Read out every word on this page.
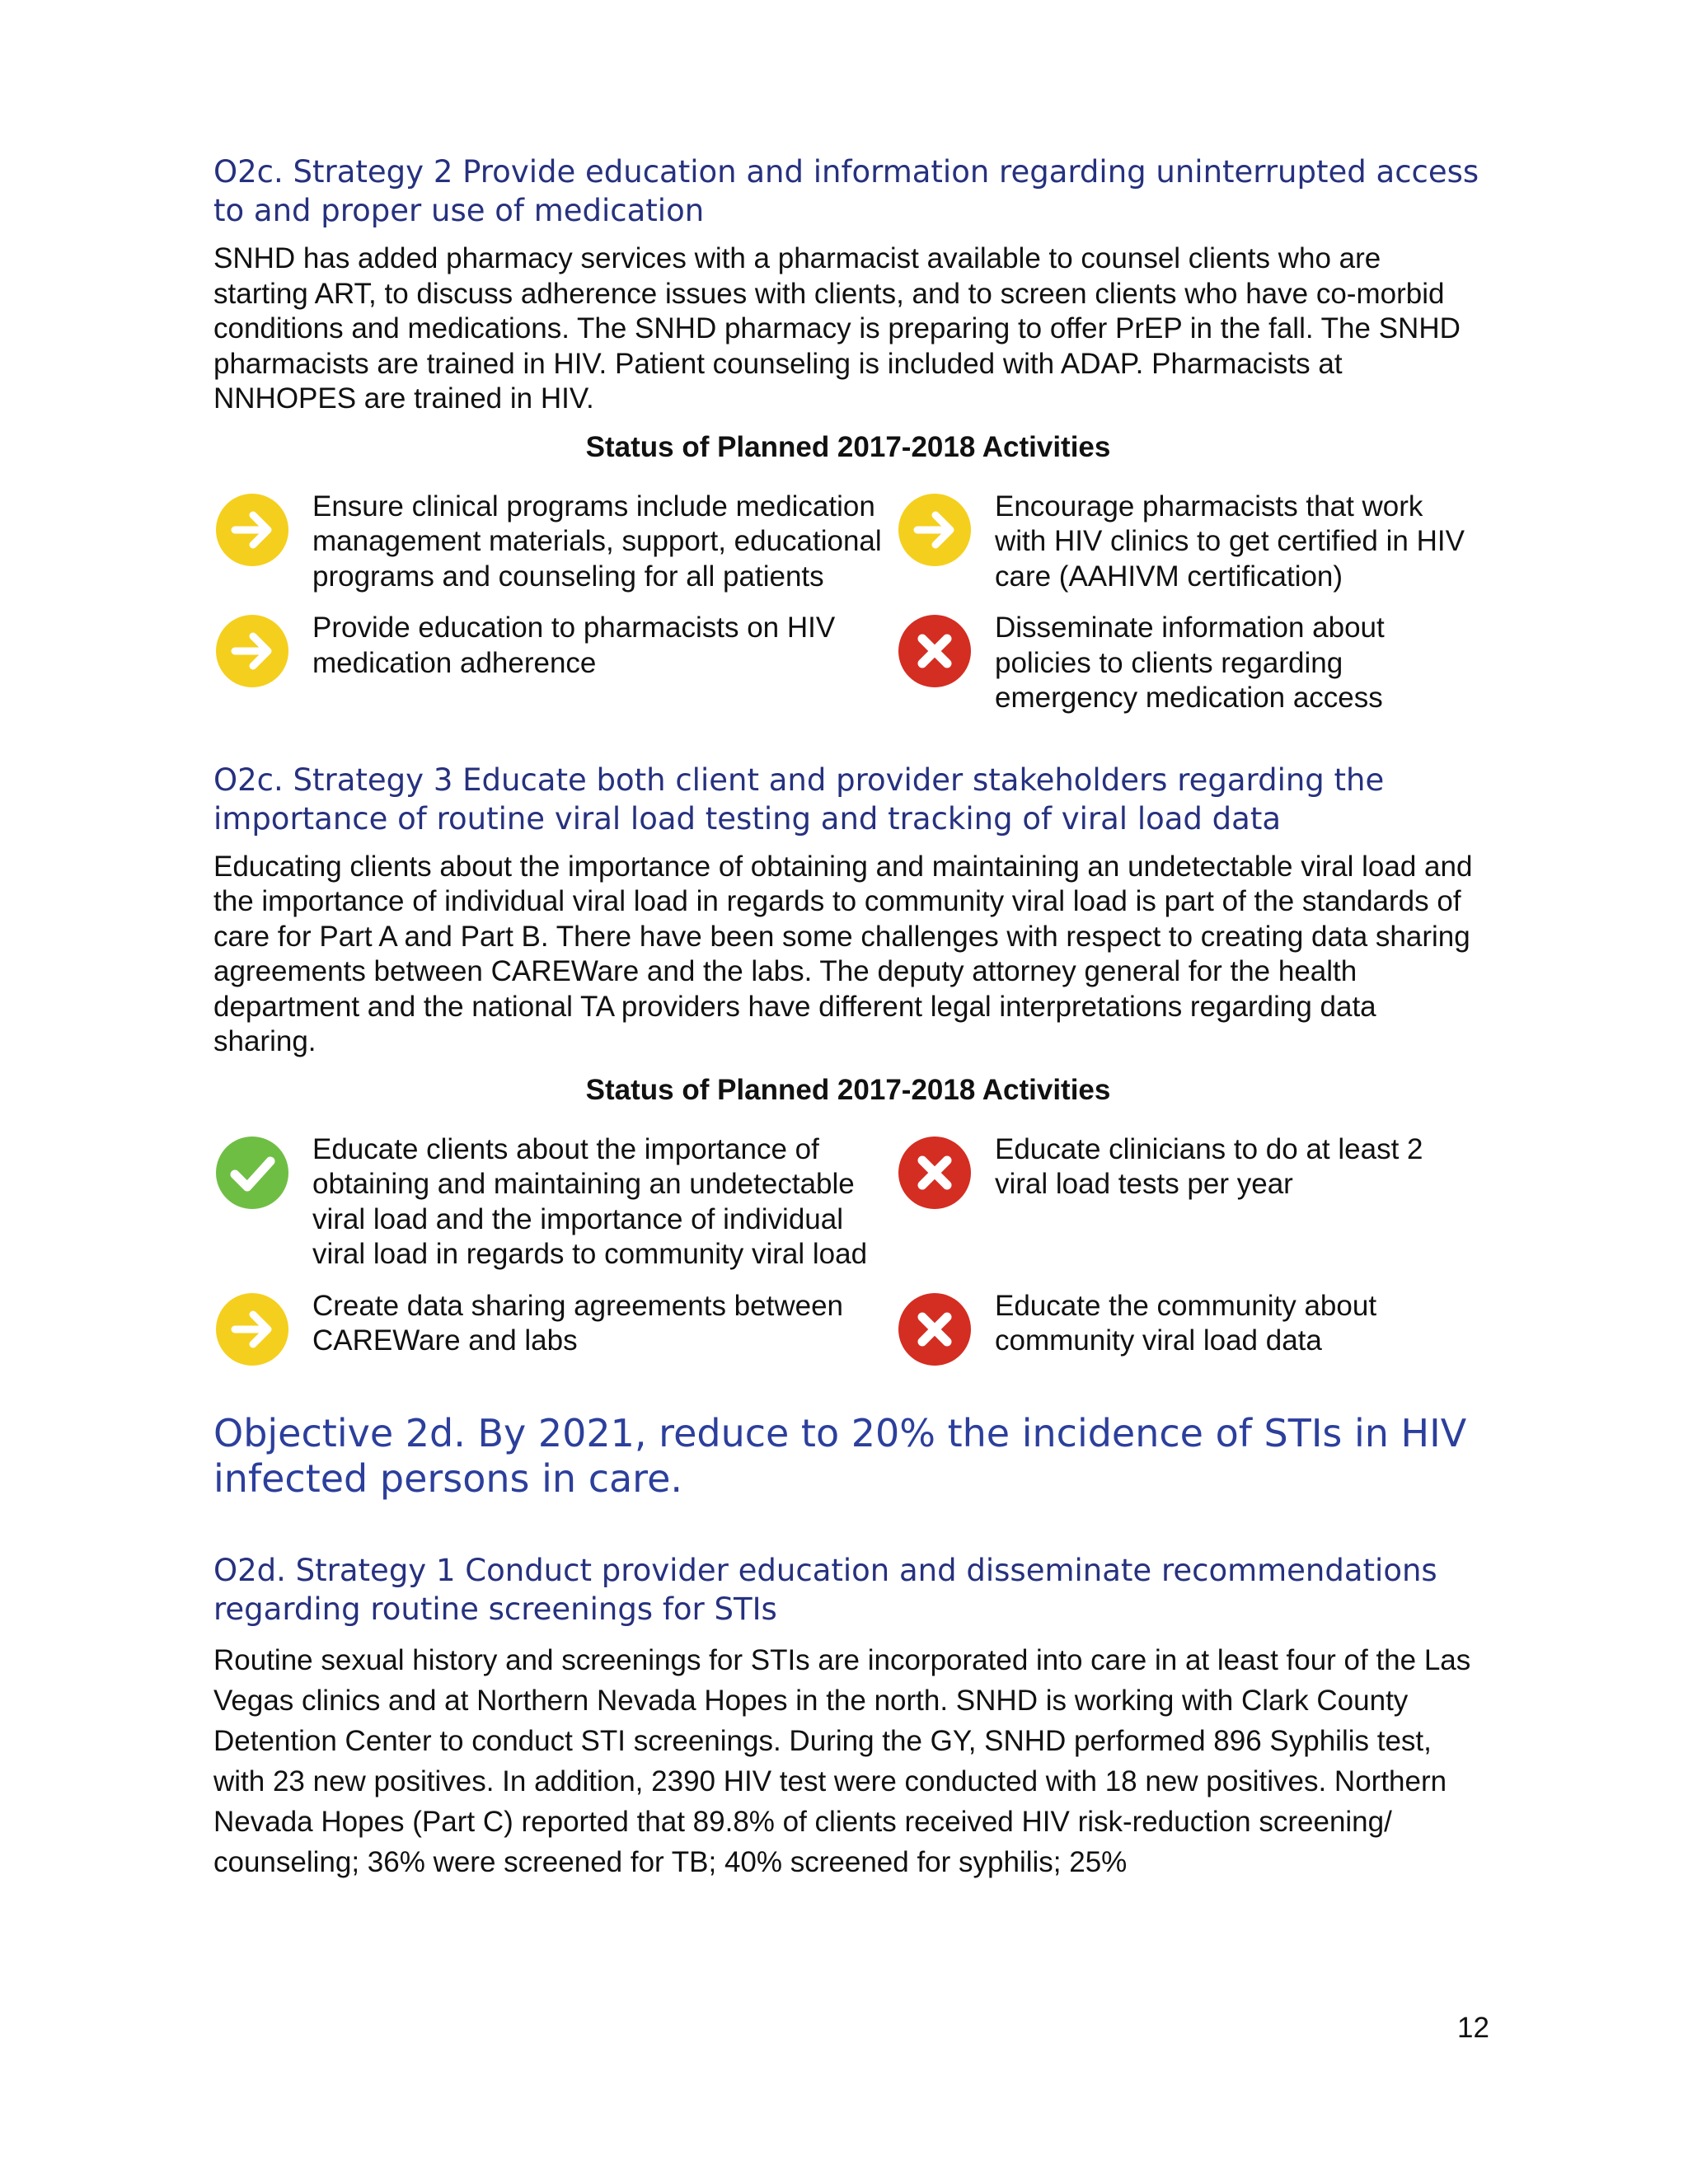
O2c. Strategy 2 Provide education and information regarding uninterrupted access
to and proper use of medication

SNHD has added pharmacy services with a pharmacist available to counsel clients who are starting ART, to discuss adherence issues with clients, and to screen clients who have co-morbid conditions and medications. The SNHD pharmacy is preparing to offer PrEP in the fall. The SNHD pharmacists are trained in HIV. Patient counseling is included with ADAP. Pharmacists at NNHOPES are trained in HIV.

Status of Planned 2017-2018 Activities
Ensure clinical programs include medication management materials, support, educational programs and counseling for all patients
Encourage pharmacists that work with HIV clinics to get certified in HIV care (AAHIVM certification)
Provide education to pharmacists on HIV medication adherence
Disseminate information about policies to clients regarding emergency medication access
O2c. Strategy 3 Educate both client and provider stakeholders regarding the
importance of routine viral load testing and tracking of viral load data

Educating clients about the importance of obtaining and maintaining an undetectable viral load and the importance of individual viral load in regards to community viral load is part of the standards of care for Part A and Part B. There have been some challenges with respect to creating data sharing agreements between CAREWare and the labs. The deputy attorney general for the health department and the national TA providers have different legal interpretations regarding data sharing.

Status of Planned 2017-2018 Activities
Educate clients about the importance of obtaining and maintaining an undetectable viral load and the importance of individual viral load in regards to community viral load
Educate clinicians to do at least 2 viral load tests per year
Create data sharing agreements between CAREWare and labs
Educate the community about community viral load data
Objective 2d. By 2021, reduce to 20% the incidence of STIs in HIV
infected persons in care.
O2d. Strategy 1 Conduct provider education and disseminate recommendations
regarding routine screenings for STIs

Routine sexual history and screenings for STIs are incorporated into care in at least four of the Las Vegas clinics and at Northern Nevada Hopes in the north. SNHD is working with Clark County Detention Center to conduct STI screenings. During the GY, SNHD performed 896 Syphilis test, with 23 new positives. In addition, 2390 HIV test were conducted with 18 new positives. Northern Nevada Hopes (Part C) reported that 89.8% of clients received HIV risk-reduction screening/ counseling; 36% were screened for TB; 40% screened for syphilis; 25%

12
